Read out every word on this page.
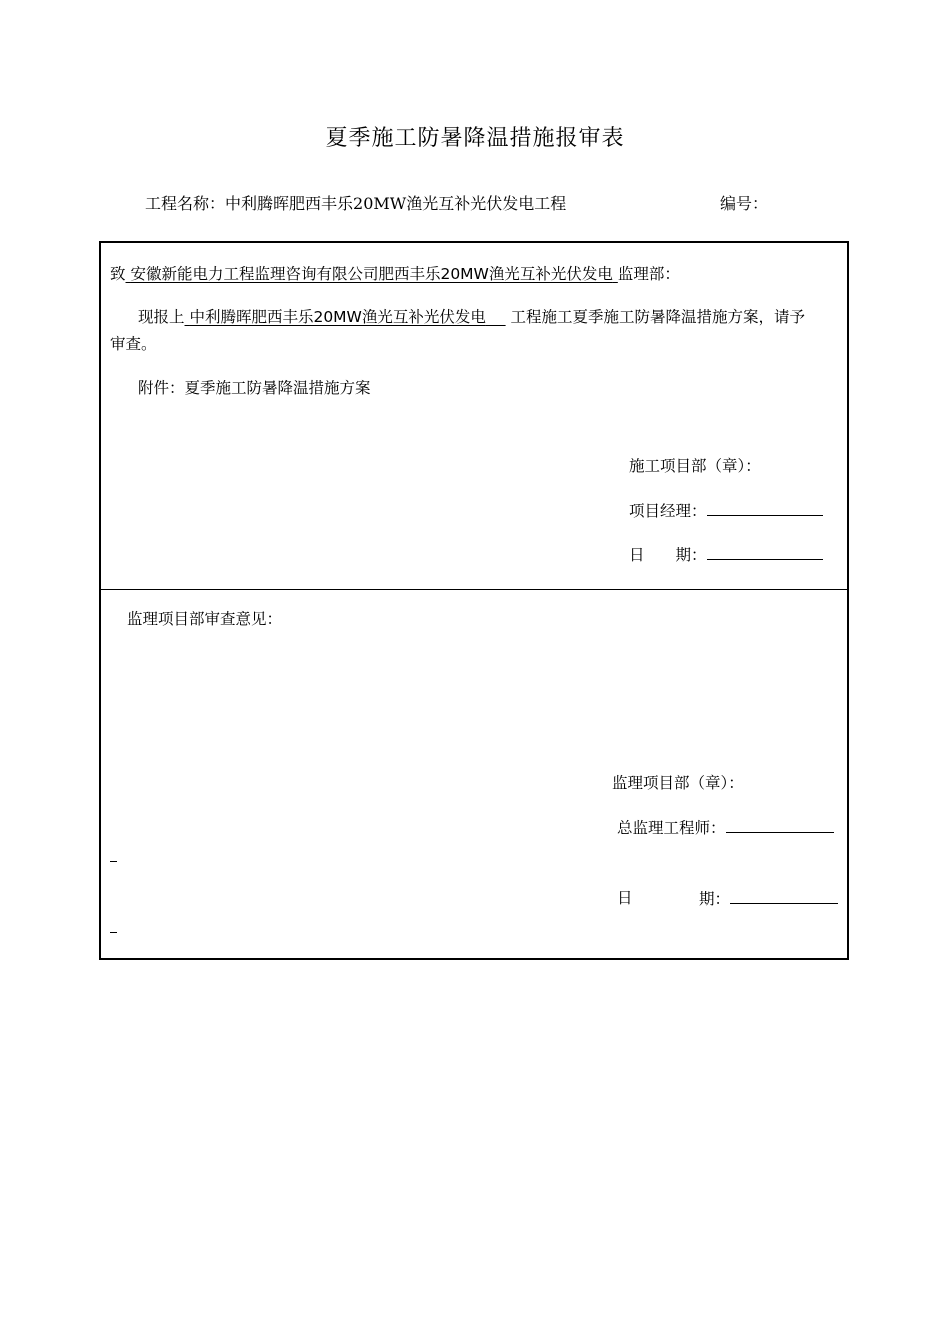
夏季施工防暑降温措施报审表
工程名称：中利腾晖肥西丰乐20MW渔光互补光伏发电工程	编号：
致 安徽新能电力工程监理咨询有限公司肥西丰乐20MW渔光互补光伏发电 监理部：
现报上 中利腾晖肥西丰乐20MW渔光互补光伏发电 工程施工夏季施工防暑降温措施方案，请予
审查。
附件：夏季施工防暑降温措施方案
施工项目部（章）：
项目经理：
日　　期：
监理项目部审查意见：
监理项目部（章）：
总监理工程师：
日	期：
